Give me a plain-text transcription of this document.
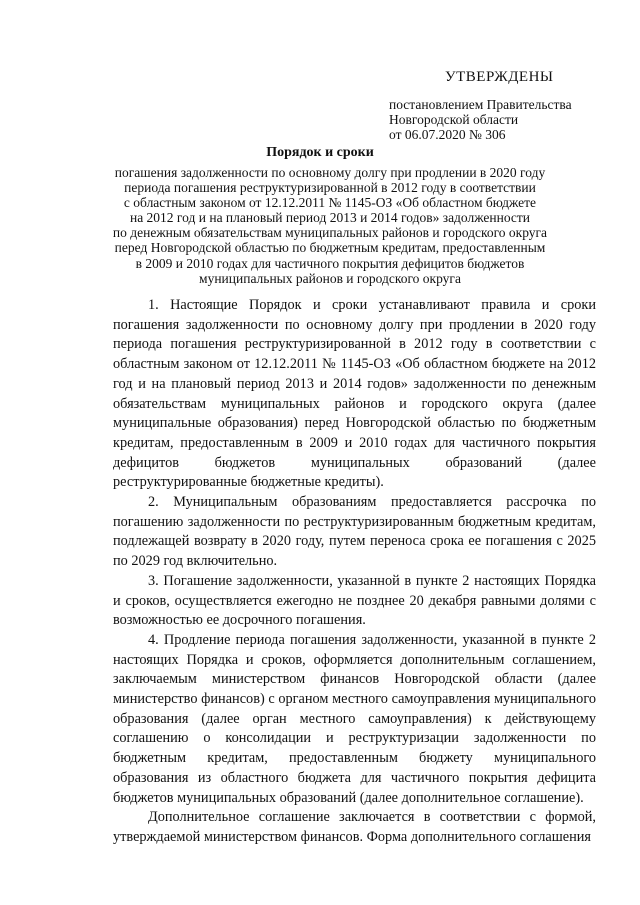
УТВЕРЖДЕНЫ
постановлением Правительства
Новгородской области
от 06.07.2020 № 306
Порядок и сроки
погашения задолженности по основному долгу при продлении в 2020 году
периода погашения реструктуризированной в 2012 году в соответствии
с областным законом от 12.12.2011 № 1145-ОЗ «Об областном бюджете
на 2012 год и на плановый период 2013 и 2014 годов» задолженности
по денежным обязательствам муниципальных районов и городского округа
перед Новгородской областью по бюджетным кредитам, предоставленным
в 2009 и 2010 годах для частичного покрытия дефицитов бюджетов
муниципальных районов и городского округа

1. Настоящие Порядок и сроки устанавливают правила и сроки погашения задолженности по основному долгу при продлении в 2020 году периода погашения реструктуризированной в 2012 году в соответствии с областным законом от 12.12.2011 № 1145-ОЗ «Об областном бюджете на 2012 год и на плановый период 2013 и 2014 годов» задолженности по денежным обязательствам муниципальных районов и городского округа (далее муниципальные образования) перед Новгородской областью по бюджетным кредитам, предоставленным в 2009 и 2010 годах для частичного покрытия дефицитов бюджетов муниципальных образований (далее реструктурированные бюджетные кредиты).

2. Муниципальным образованиям предоставляется рассрочка по погашению задолженности по реструктуризированным бюджетным кредитам, подлежащей возврату в 2020 году, путем переноса срока ее погашения с 2025 по 2029 год включительно.

3. Погашение задолженности, указанной в пункте 2 настоящих Порядка и сроков, осуществляется ежегодно не позднее 20 декабря равными долями с возможностью ее досрочного погашения.

4. Продление периода погашения задолженности, указанной в пункте 2 настоящих Порядка и сроков, оформляется дополнительным соглашением, заключаемым министерством финансов Новгородской области (далее министерство финансов) с органом местного самоуправления муниципального образования (далее орган местного самоуправления) к действующему соглашению о консолидации и реструктуризации задолженности по бюджетным кредитам, предоставленным бюджету муниципального образования из областного бюджета для частичного покрытия дефицита бюджетов муниципальных образований (далее дополнительное соглашение).

Дополнительное соглашение заключается в соответствии с формой, утверждаемой министерством финансов. Форма дополнительного соглашения
